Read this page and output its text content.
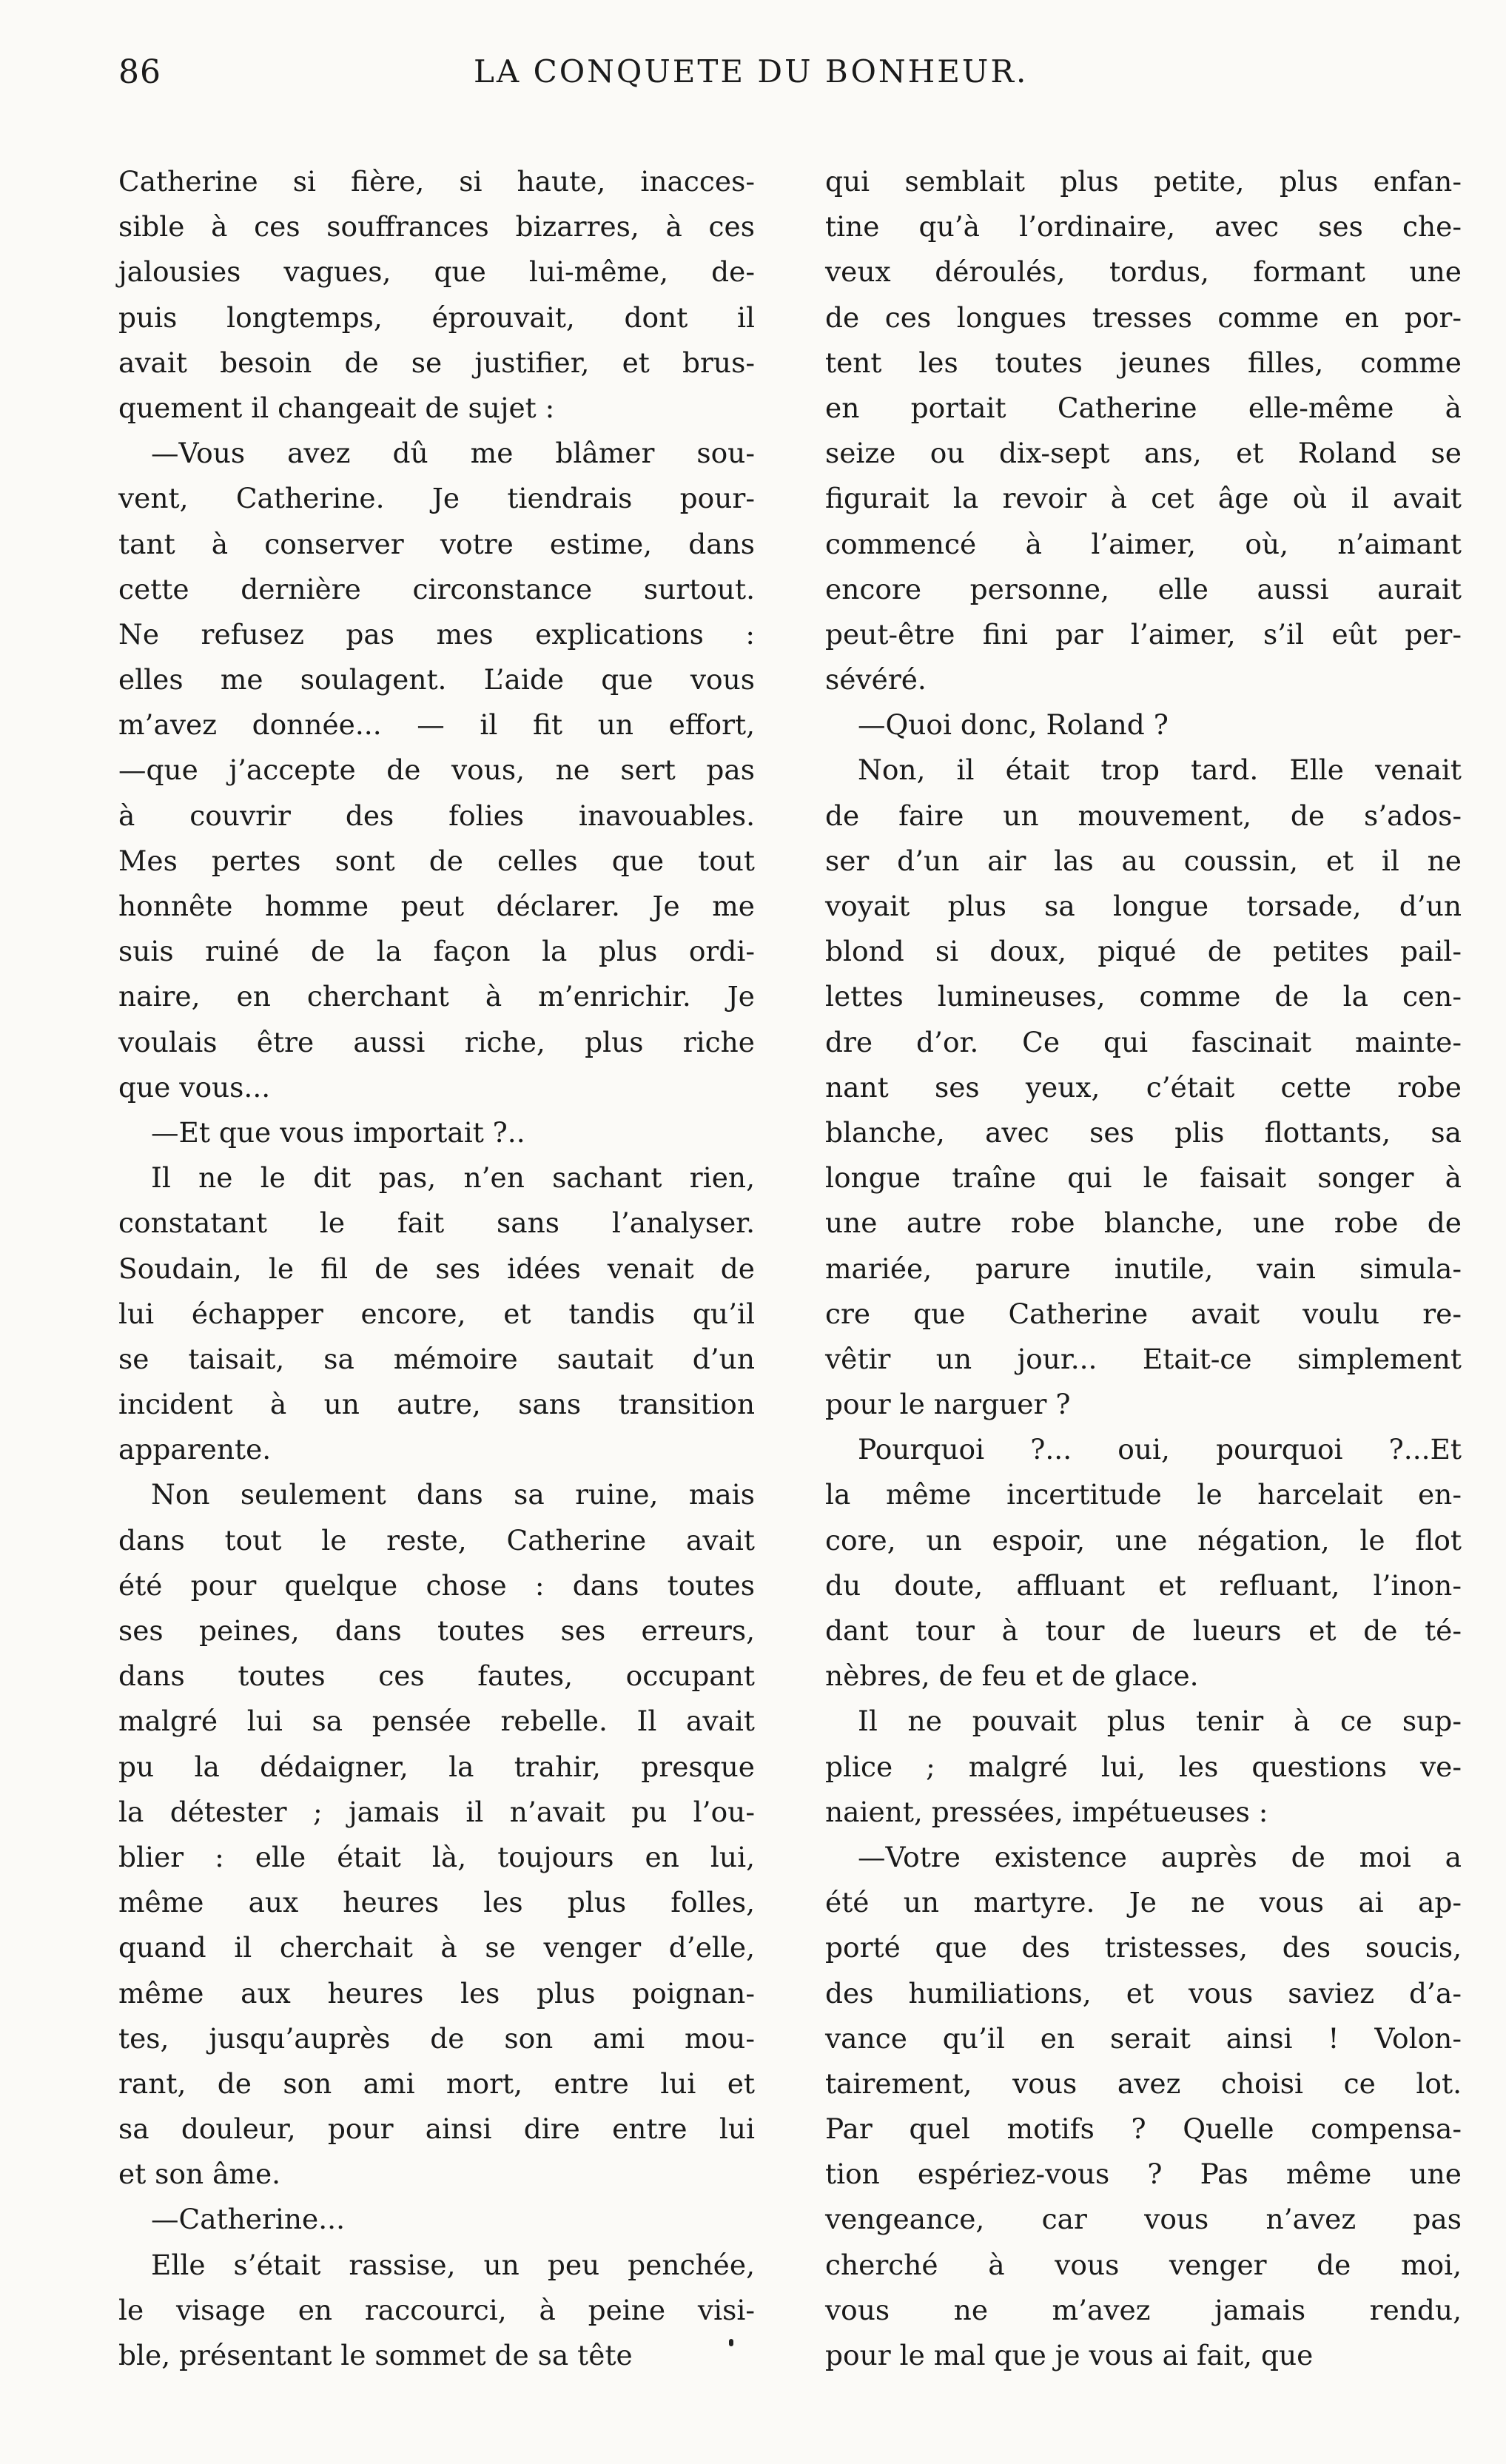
86	LA CONQUETE DU BONHEUR.

Catherine si fière, si haute, inacces-
sible à ces souffrances bizarres, à ces
jalousies vagues, que lui-même, de-
puis longtemps, éprouvait, dont il
avait besoin de se justifier, et brus-
quement il changeait de sujet :

—Vous avez dû me blâmer sou-
vent, Catherine. Je tiendrais pour-
tant à conserver votre estime, dans
cette dernière circonstance surtout.
Ne refusez pas mes explications :
elles me soulagent. L’aide que vous
m’avez donnée... — il fit un effort,
—que j’accepte de vous, ne sert pas
à couvrir des folies inavouables.
Mes pertes sont de celles que tout
honnête homme peut déclarer. Je me
suis ruiné de la façon la plus ordi-
naire, en cherchant à m’enrichir. Je
voulais être aussi riche, plus riche
que vous...

—Et que vous importait ?..

Il ne le dit pas, n’en sachant rien,
constatant le fait sans l’analyser.
Soudain, le fil de ses idées venait de
lui échapper encore, et tandis qu’il
se taisait, sa mémoire sautait d’un
incident à un autre, sans transition
apparente.

Non seulement dans sa ruine, mais
dans tout le reste, Catherine avait
été pour quelque chose : dans toutes
ses peines, dans toutes ses erreurs,
dans toutes ces fautes, occupant
malgré lui sa pensée rebelle. Il avait
pu la dédaigner, la trahir, presque
la détester ; jamais il n’avait pu l’ou-
blier : elle était là, toujours en lui,
même aux heures les plus folles,
quand il cherchait à se venger d’elle,
même aux heures les plus poignan-
tes, jusqu’auprès de son ami mou-
rant, de son ami mort, entre lui et
sa douleur, pour ainsi dire entre lui
et son âme.

—Catherine...

Elle s’était rassise, un peu penchée,
le visage en raccourci, à peine visi-
ble, présentant le sommet de sa tête

qui semblait plus petite, plus enfan-
tine qu’à l’ordinaire, avec ses che-
veux déroulés, tordus, formant une
de ces longues tresses comme en por-
tent les toutes jeunes filles, comme
en portait Catherine elle-même à
seize ou dix-sept ans, et Roland se
figurait la revoir à cet âge où il avait
commencé à l’aimer, où, n’aimant
encore personne, elle aussi aurait
peut-être fini par l’aimer, s’il eût per-
sévéré.

—Quoi donc, Roland ?

Non, il était trop tard. Elle venait
de faire un mouvement, de s’ados-
ser d’un air las au coussin, et il ne
voyait plus sa longue torsade, d’un
blond si doux, piqué de petites pail-
lettes lumineuses, comme de la cen-
dre d’or. Ce qui fascinait mainte-
nant ses yeux, c’était cette robe
blanche, avec ses plis flottants, sa
longue traîne qui le faisait songer à
une autre robe blanche, une robe de
mariée, parure inutile, vain simula-
cre que Catherine avait voulu re-
vêtir un jour... Etait-ce simplement
pour le narguer ?

Pourquoi ?... oui, pourquoi ?...Et
la même incertitude le harcelait en-
core, un espoir, une négation, le flot
du doute, affluant et refluant, l’inon-
dant tour à tour de lueurs et de té-
nèbres, de feu et de glace.

Il ne pouvait plus tenir à ce sup-
plice ; malgré lui, les questions ve-
naient, pressées, impétueuses :

—Votre existence auprès de moi a
été un martyre. Je ne vous ai ap-
porté que des tristesses, des soucis,
des humiliations, et vous saviez d’a-
vance qu’il en serait ainsi ! Volon-
tairement, vous avez choisi ce lot.
Par quel motifs ? Quelle compensa-
tion espériez-vous ? Pas même une
vengeance, car vous n’avez pas
cherché à vous venger de moi,
vous ne m’avez jamais rendu,
pour le mal que je vous ai fait, que
